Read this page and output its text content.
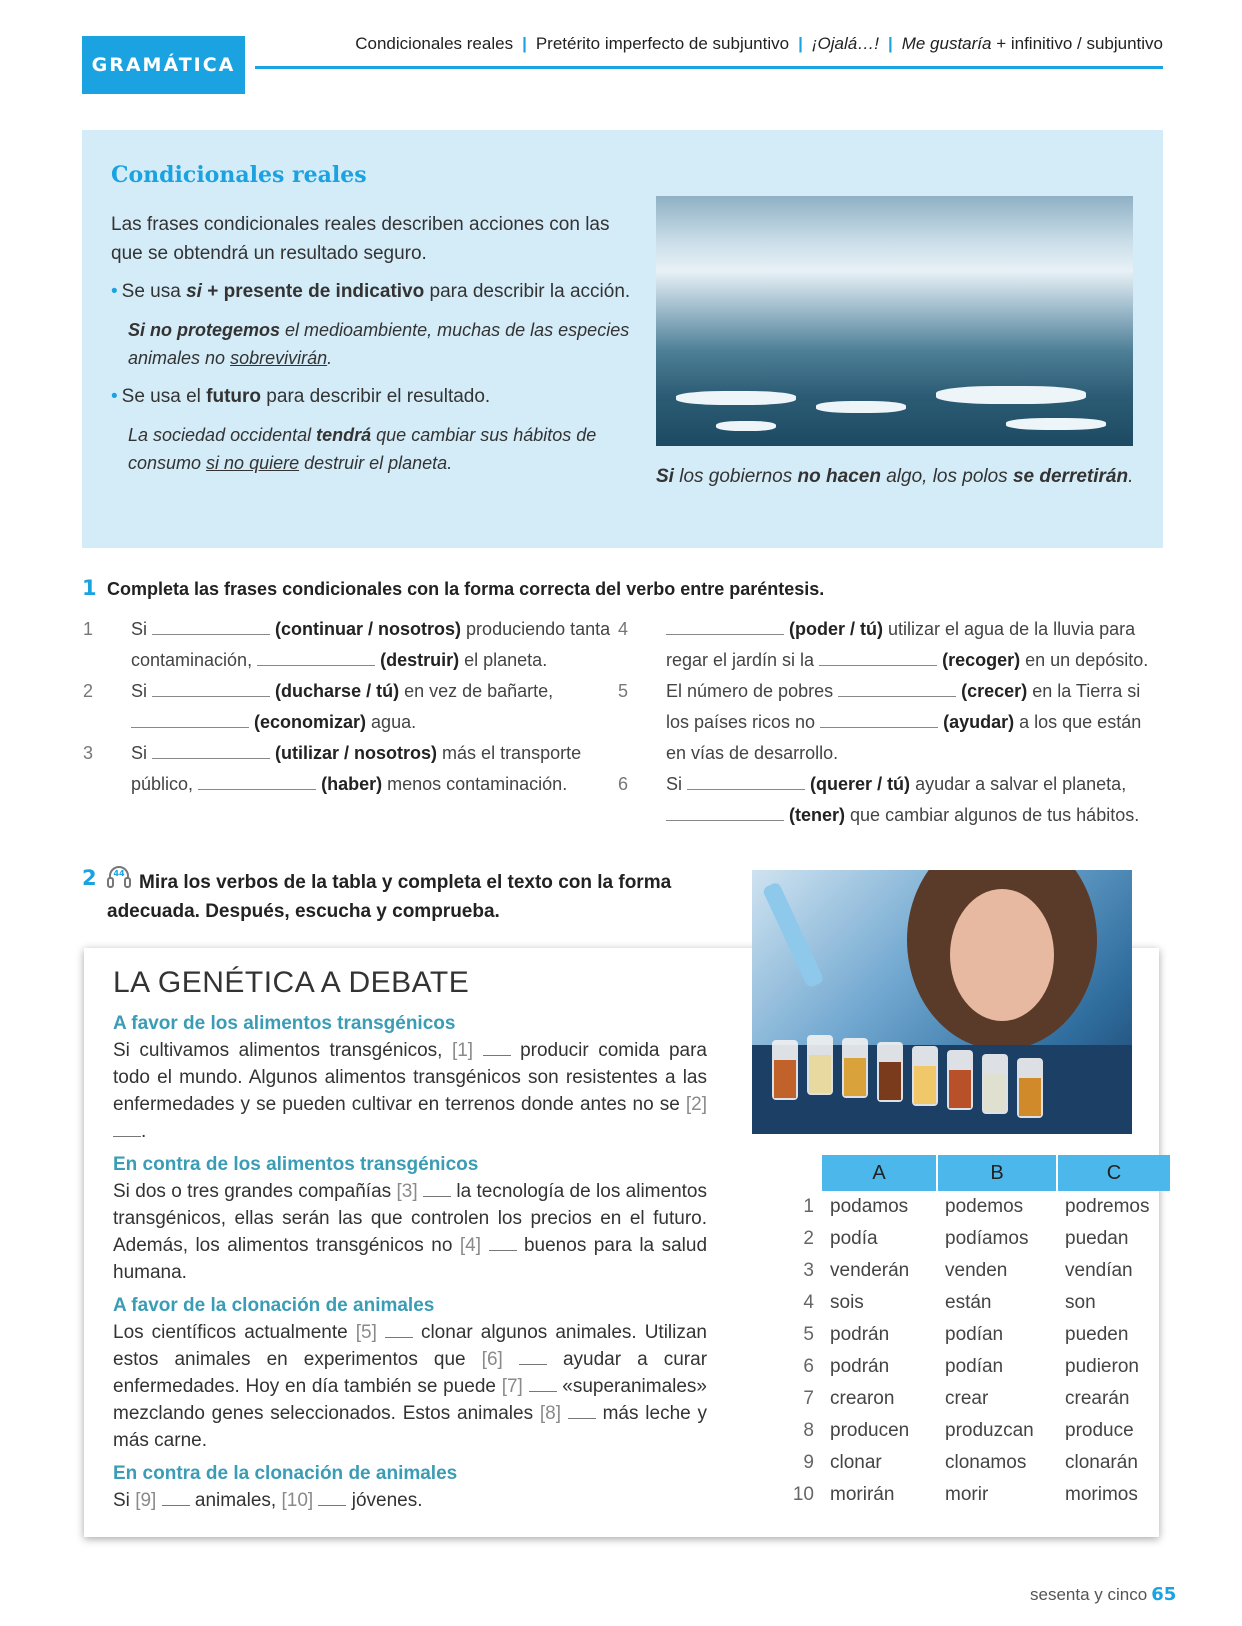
GRAMÁTICA
Condicionales reales | Pretérito imperfecto de subjuntivo | ¡Ojalá…! | Me gustaría + infinitivo / subjuntivo
Condicionales reales
Las frases condicionales reales describen acciones con las que se obtendrá un resultado seguro.
• Se usa si + presente de indicativo para describir la acción.
Si no protegemos el medioambiente, muchas de las especies animales no sobrevivirán.
• Se usa el futuro para describir el resultado.
La sociedad occidental tendrá que cambiar sus hábitos de consumo si no quiere destruir el planeta.
Si los gobiernos no hacen algo, los polos se derretirán.
1 Completa las frases condicionales con la forma correcta del verbo entre paréntesis.
1 Si	(continuar / nosotros) produciendo tanta contaminación,	(destruir) el planeta.
2 Si	(ducharse / tú) en vez de bañarte,  (economizar) agua.
3 Si	(utilizar / nosotros) más el transporte público,	(haber) menos contaminación.
4	(poder / tú) utilizar el agua de la lluvia para regar el jardín si la	(recoger) en un depósito.
5 El número de pobres	(crecer) en la Tierra si los países ricos no	(ayudar) a los que están en vías de desarrollo.
6 Si	(querer / tú) ayudar a salvar el planeta,  (tener) que cambiar algunos de tus hábitos.
2 44 Mira los verbos de la tabla y completa el texto con la forma adecuada. Después, escucha y comprueba.
LA GENÉTICA A DEBATE
A favor de los alimentos transgénicos
Si cultivamos alimentos transgénicos, [1]  producir comida para todo el mundo. Algunos alimentos transgénicos son resistentes a las enfermedades y se pueden cultivar en terrenos donde antes no se [2] .
En contra de los alimentos transgénicos
Si dos o tres grandes compañías [3]  la tecnología de los alimentos transgénicos, ellas serán las que controlen los precios en el futuro. Además, los alimentos transgénicos no [4]  buenos para la salud humana.
A favor de la clonación de animales
Los científicos actualmente [5]  clonar algunos animales. Utilizan estos animales en experimentos que [6]  ayudar a curar enfermedades. Hoy en día también se puede [7]  «superanimales» mezclando genes seleccionados. Estos animales [8]  más leche y más carne.
En contra de la clonación de animales
Si [9]  animales, [10]  jóvenes.
	A	B	C
1	podamos	podemos	podremos
2	podía	podíamos	puedan
3	venderán	venden	vendían
4	sois	están	son
5	podrán	podían	pueden
6	podrán	podían	pudieron
7	crearon	crear	crearán
8	producen	produzcan	produce
9	clonar	clonamos	clonarán
10	morirán	morir	morimos
sesenta y cinco 65
